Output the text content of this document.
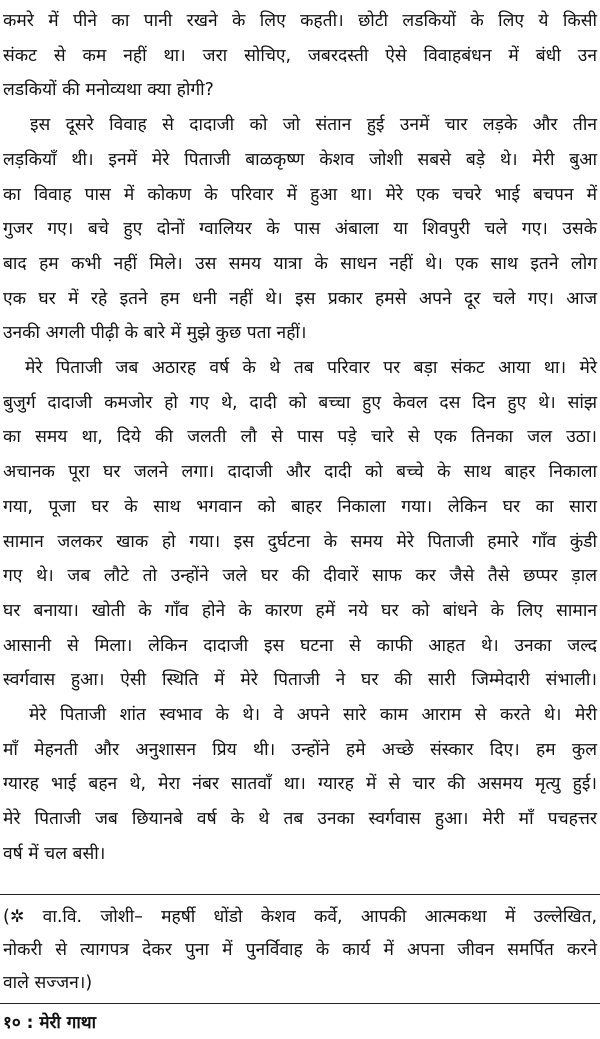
कमरे में पीने का पानी रखने के लिए कहती। छोटी लडकियों के लिए ये किसी
संकट से कम नहीं था। जरा सोचिए, जबरदस्ती ऐसे विवाहबंधन में बंधी उन
लडकियों की मनोव्यथा क्या होगी?
इस दूसरे विवाह से दादाजी को जो संतान हुई उनमें चार लड़के और तीन
लड़कियाँ थी। इनमें मेरे पिताजी बाळकृष्ण केशव जोशी सबसे बड़े थे। मेरी बुआ
का विवाह पास में कोकण के परिवार में हुआ था। मेरे एक चचरे भाई बचपन में
गुजर गए। बचे हुए दोनों ग्वालियर के पास अंबाला या शिवपुरी चले गए। उसके
बाद हम कभी नहीं मिले। उस समय यात्रा के साधन नहीं थे। एक साथ इतने लोग
एक घर में रहे इतने हम धनी नहीं थे। इस प्रकार हमसे अपने दूर चले गए। आज
उनकी अगली पीढ़ी के बारे में मुझे कुछ पता नहीं।
मेरे पिताजी जब अठारह वर्ष के थे तब परिवार पर बड़ा संकट आया था। मेरे
बुजुर्ग दादाजी कमजोर हो गए थे, दादी को बच्चा हुए केवल दस दिन हुए थे। सांझ
का समय था, दिये की जलती लौ से पास पड़े चारे से एक तिनका जल उठा।
अचानक पूरा घर जलने लगा। दादाजी और दादी को बच्चे के साथ बाहर निकाला
गया, पूजा घर के साथ भगवान को बाहर निकाला गया। लेकिन घर का सारा
सामान जलकर खाक हो गया। इस दुर्घटना के समय मेरे पिताजी हमारे गाँव कुंडी
गए थे। जब लौटे तो उन्होंने जले घर की दीवारें साफ कर जैसे तैसे छप्पर ड़ाल
घर बनाया। खोती के गाँव होने के कारण हमें नये घर को बांधने के लिए सामान
आसानी से मिला। लेकिन दादाजी इस घटना से काफी आहत थे। उनका जल्द
स्वर्गवास हुआ। ऐसी स्थिति में मेरे पिताजी ने घर की सारी जिम्मेदारी संभाली।
मेरे पिताजी शांत स्वभाव के थे। वे अपने सारे काम आराम से करते थे। मेरी
माँ मेहनती और अनुशासन प्रिय थी। उन्होंने हमे अच्छे संस्कार दिए। हम कुल
ग्यारह भाई बहन थे, मेरा नंबर सातवाँ था। ग्यारह में से चार की असमय मृत्यु हुई।
मेरे पिताजी जब छियानबे वर्ष के थे तब उनका स्वर्गवास हुआ। मेरी माँ पचहत्तर
वर्ष में चल बसी।
(✲ वा.वि. जोशी– महर्षी धोंडो केशव कर्वे, आपकी आत्मकथा में उल्लेखित,
नोकरी से त्यागपत्र देकर पुना में पुनर्विवाह के कार्य में अपना जीवन समर्पित करने
वाले सज्जन।)
१० : मेरी गाथा
